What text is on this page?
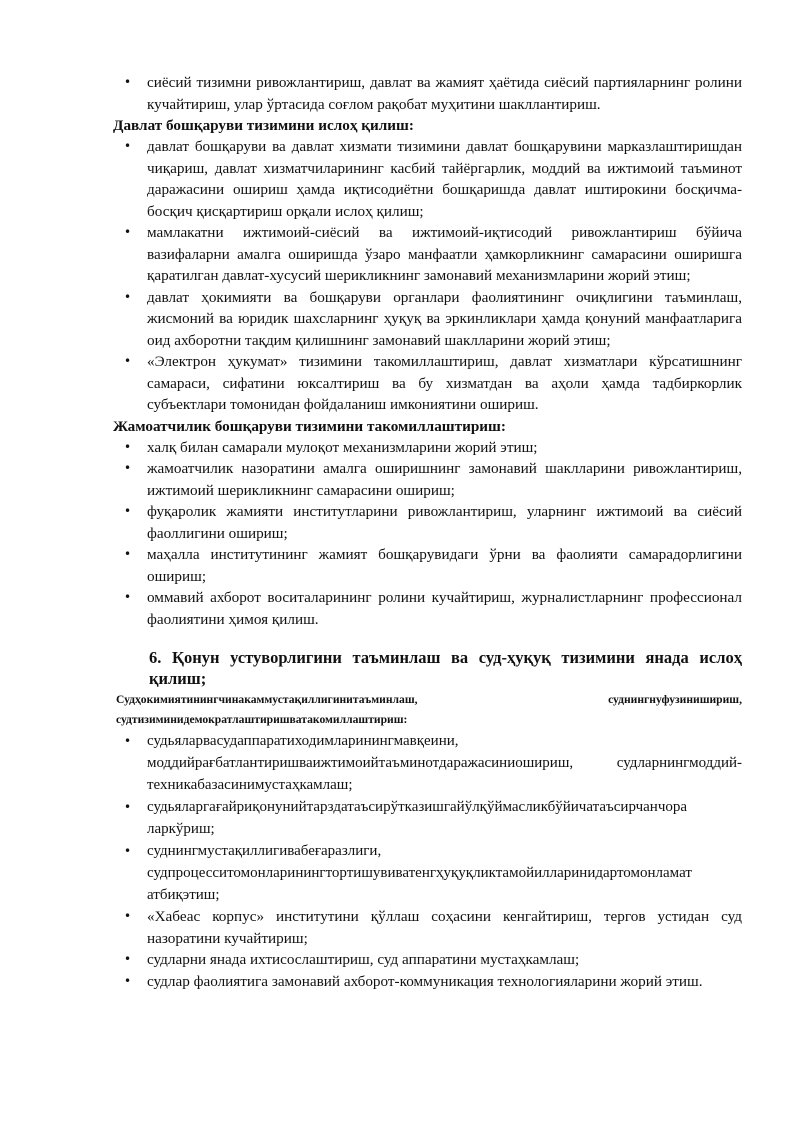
• сиёсий тизимни ривожлантириш, давлат ва жамият ҳаётида сиёсий партияларнинг ролини кучайтириш, улар ўртасида соғлом рақобат муҳитини шакллантириш.
Давлат бошқаруви тизимини ислоҳ қилиш:
• давлат бошқаруви ва давлат хизмати тизимини давлат бошқарувини марказлаштиришдан чиқариш, давлат хизматчиларининг касбий тайёргарлик, моддий ва ижтимоий таъминот даражасини ошириш ҳамда иқтисодиётни бошқаришда давлат иштирокини босқичма-босқич қисқартириш орқали ислоҳ қилиш;
• мамлакатни ижтимоий-сиёсий ва ижтимоий-иқтисодий ривожлантириш бўйича вазифаларни амалга оширишда ўзаро манфаатли ҳамкорликнинг самарасини оширишга қаратилган давлат-хусусий шерикликнинг замонавий механизмларини жорий этиш;
• давлат ҳокимияти ва бошқаруви органлари фаолиятининг очиқлигини таъминлаш, жисмоний ва юридик шахсларнинг ҳуқуқ ва эркинликлари ҳамда қонуний манфаатларига оид ахборотни тақдим қилишнинг замонавий шаклларини жорий этиш;
• «Электрон ҳукумат» тизимини такомиллаштириш, давлат хизматлари кўрсатишнинг самараси, сифатини юксалтириш ва бу хизматдан ва аҳоли ҳамда тадбиркорлик субъектлари томонидан фойдаланиш имкониятини ошириш.
Жамоатчилик бошқаруви тизимини такомиллаштириш:
• халқ билан самарали мулоқот механизмларини жорий этиш;
• жамоатчилик назоратини амалга оширишнинг замонавий шаклларини ривожлантириш, ижтимоий шерикликнинг самарасини ошириш;
• фуқаролик жамияти институтларини ривожлантириш, уларнинг ижтимоий ва сиёсий фаоллигини ошириш;
• маҳалла институтининг жамият бошқарувидаги ўрни ва фаолияти самарадорлигини ошириш;
• оммавий ахборот воситаларининг ролини кучайтириш, журналистларнинг профессионал фаолиятини ҳимоя қилиш.
6. Қонун устуворлигини таъминлаш ва суд-ҳуқуқ тизимини янада ислоҳ қилиш;
Судҳокимиятинингчинакаммустақиллигинитаъминлаш, суднингнуфузинишириш,
судтизиминидемократлаштиришватакомиллаштириш:
• судьяларвасудаппаратиходимларинингмавқеини, моддийрағбатлантиришваижтимоийтаъминотдаражасиниошириш, судларнингмоддий-техникабазасинимустаҳкамлаш;
• судьяларгағайриқонунийтарздатаъсирўтказишгайўлқўймасликбўйичатаъсирчанчора ларкўриш;
• суднингмустақиллигивабеғаразлиги, судпроцесситомонларинингтортишувиватенгҳуқуқликтамойилларинидартомонламат атбиқэтиш;
• «Хабеас корпус» институтини қўллаш соҳасини кенгайтириш, тергов устидан суд назоратини кучайтириш;
• судларни янада ихтисослаштириш, суд аппаратини мустаҳкамлаш;
• судлар фаолиятига замонавий ахборот-коммуникация технологияларини жорий этиш.
